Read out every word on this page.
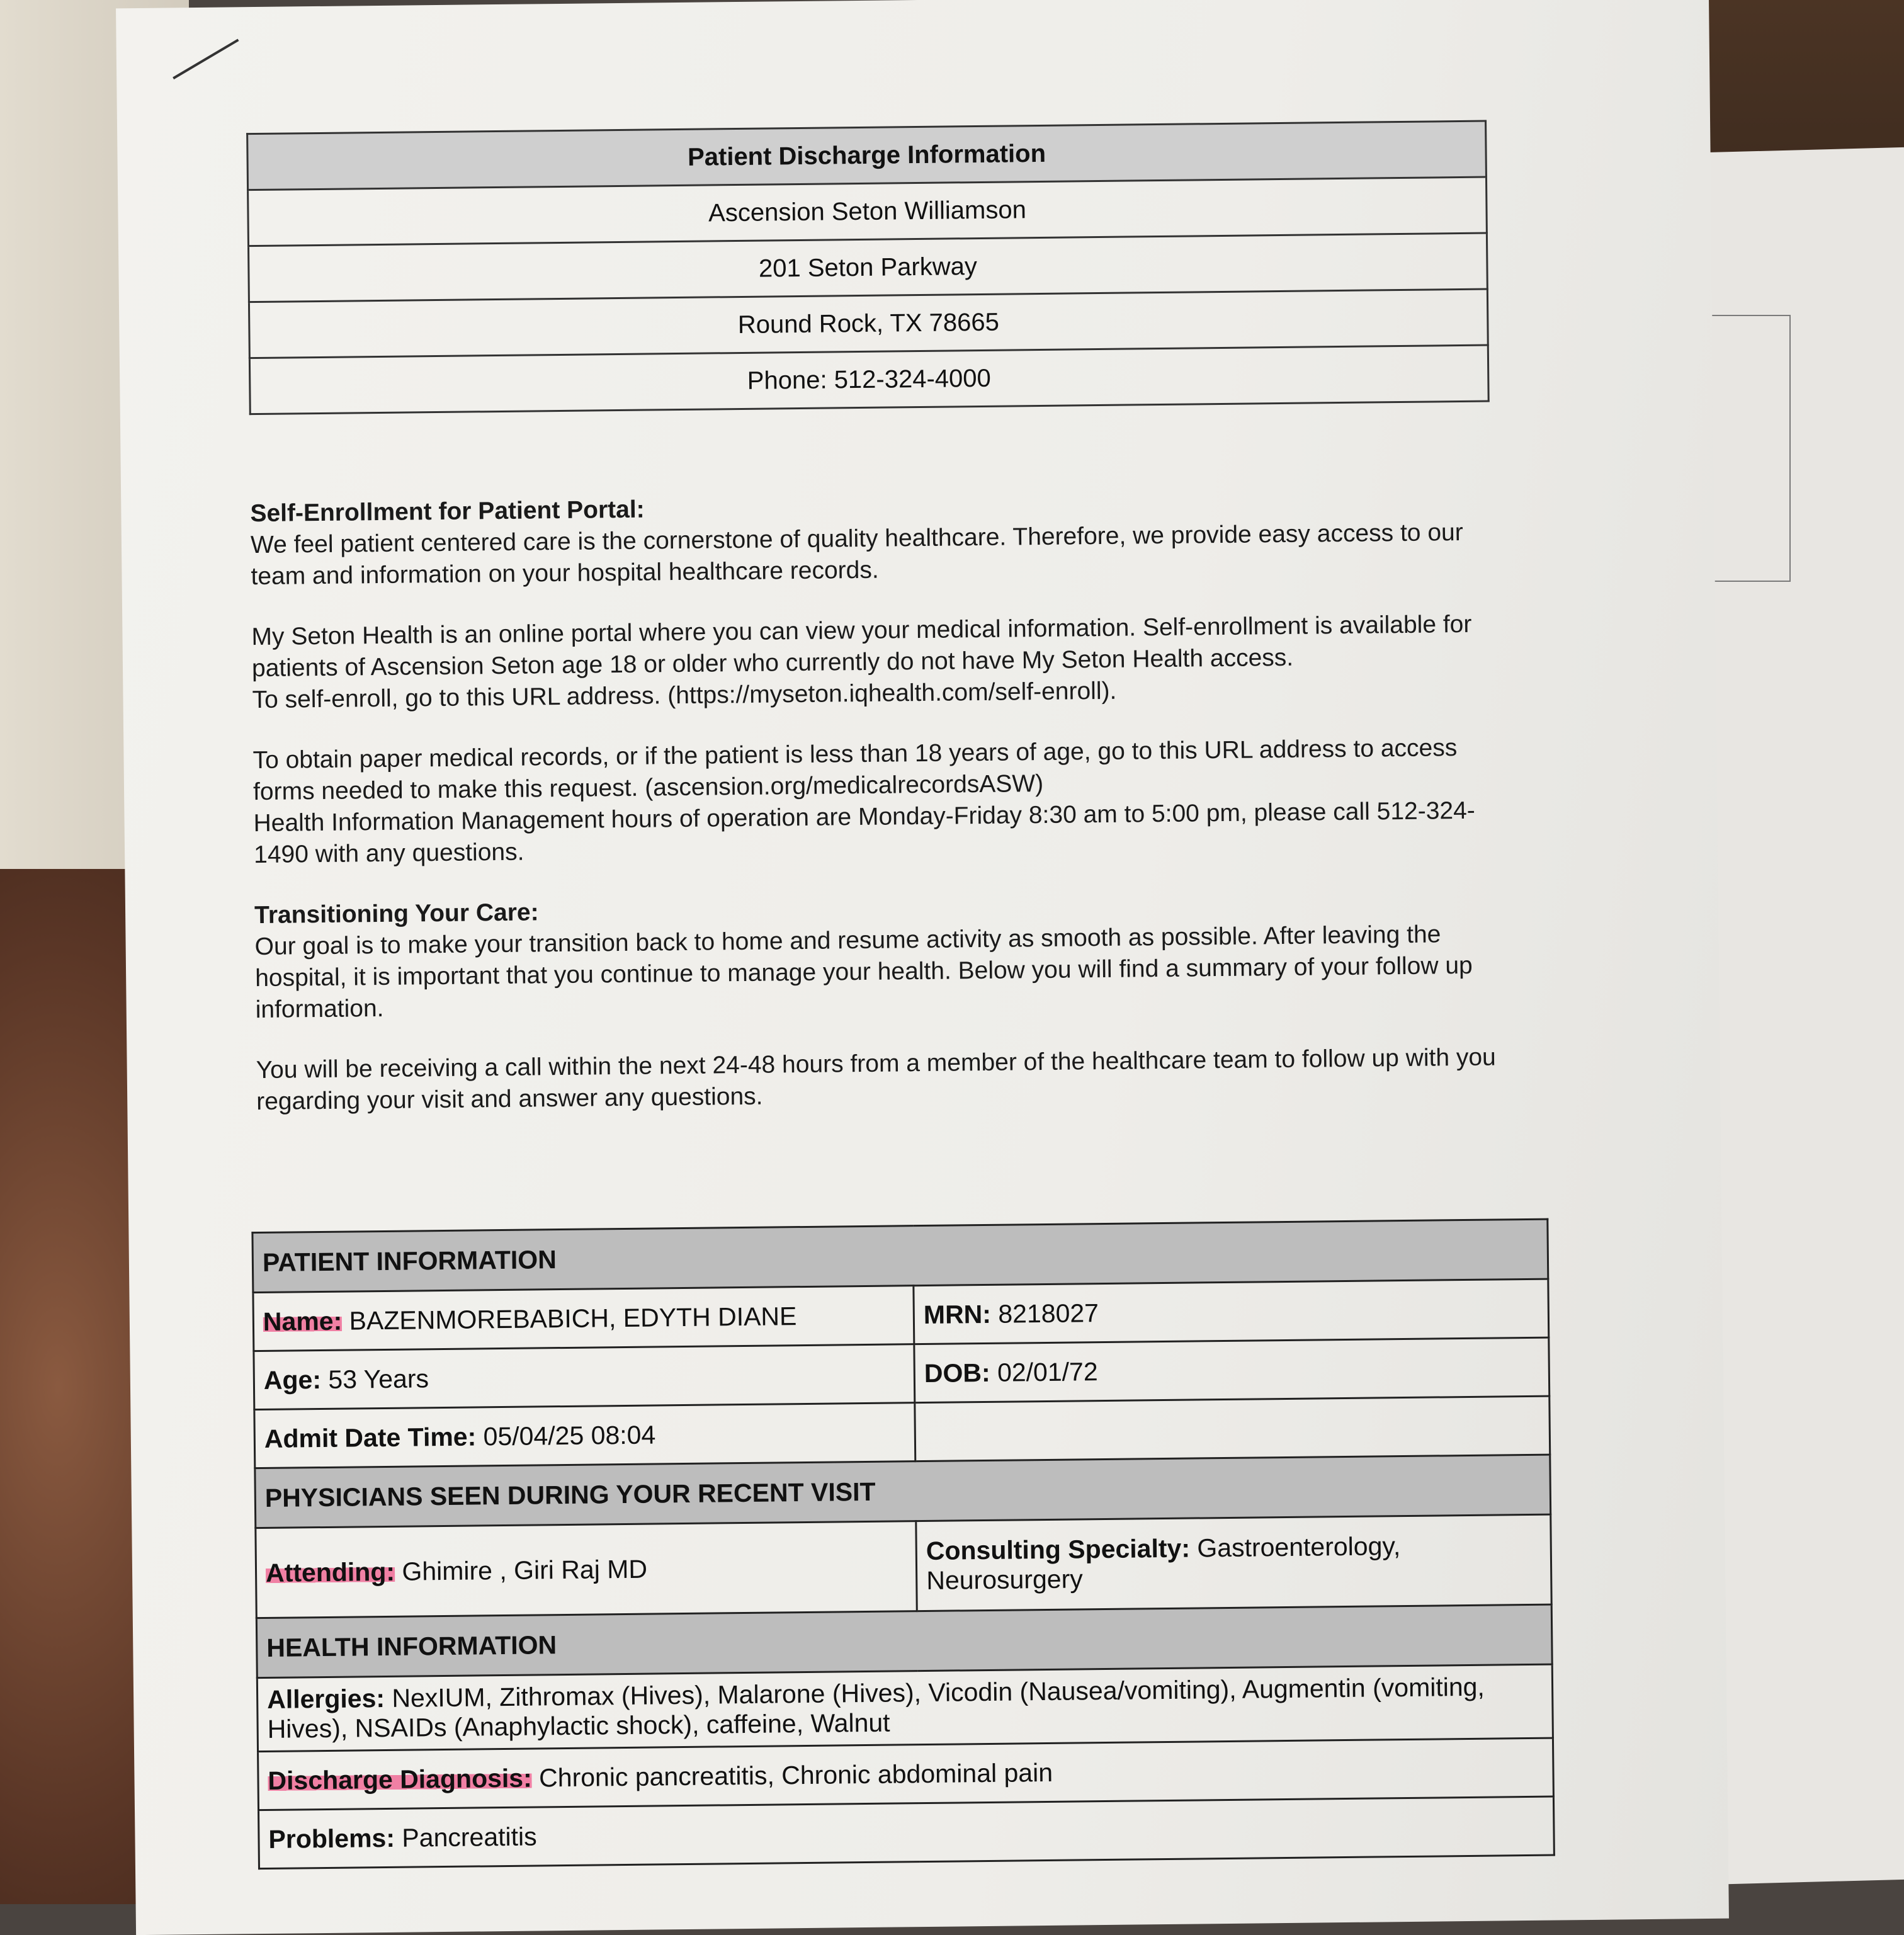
Patient Discharge Information
Ascension Seton Williamson
201 Seton Parkway
Round Rock, TX 78665
Phone: 512-324-4000
Self-Enrollment for Patient Portal:

We feel patient centered care is the cornerstone of quality healthcare. Therefore, we provide easy access to our team and information on your hospital healthcare records.

My Seton Health is an online portal where you can view your medical information. Self-enrollment is available for patients of Ascension Seton age 18 or older who currently do not have My Seton Health access.
To self-enroll, go to this URL address. (https://myseton.iqhealth.com/self-enroll).

To obtain paper medical records, or if the patient is less than 18 years of age, go to this URL address to access forms needed to make this request. (ascension.org/medicalrecordsASW)
Health Information Management hours of operation are Monday-Friday 8:30 am to 5:00 pm, please call 512-324-1490 with any questions.

Transitioning Your Care:

Our goal is to make your transition back to home and resume activity as smooth as possible. After leaving the hospital, it is important that you continue to manage your health. Below you will find a summary of your follow up information.

You will be receiving a call within the next 24-48 hours from a member of the healthcare team to follow up with you regarding your visit and answer any questions.

PATIENT INFORMATION	
Name: BAZENMOREBABICH, EDYTH DIANE	MRN: 8218027
Age: 53 Years	DOB: 02/01/72
Admit Date Time: 05/04/25 08:04	
PHYSICIANS SEEN DURING YOUR RECENT VISIT	
Attending: Ghimire , Giri Raj MD	Consulting Specialty: Gastroenterology, Neurosurgery
HEALTH INFORMATION	
Allergies: NexIUM, Zithromax (Hives), Malarone (Hives), Vicodin (Nausea/vomiting), Augmentin (vomiting, Hives), NSAIDs (Anaphylactic shock), caffeine, Walnut	
Discharge Diagnosis: Chronic pancreatitis, Chronic abdominal pain	
Problems: Pancreatitis	
